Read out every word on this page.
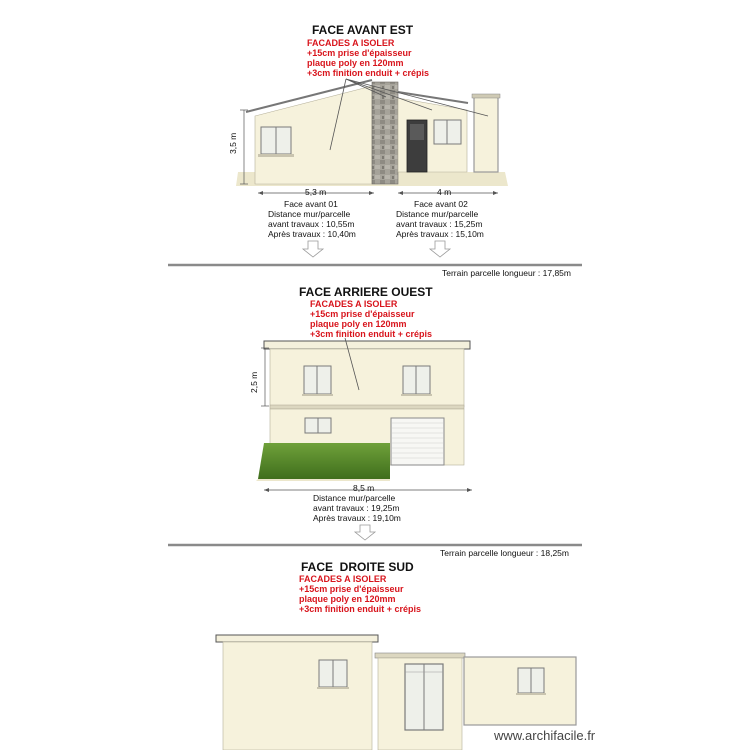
FACE AVANT EST
FACADES A ISOLER
+15cm prise d'épaisseur
plaque poly en 120mm
+3cm finition enduit + crépis
3,5 m
5,3 m	4 m
Face avant 01
Distance mur/parcelle
avant travaux : 10,55m
Après travaux : 10,40m
Face avant 02
Distance mur/parcelle
avant travaux : 15,25m
Après travaux : 15,10m
Terrain parcelle longueur : 17,85m
FACE ARRIERE OUEST
FACADES A ISOLER
+15cm prise d'épaisseur
plaque poly en 120mm
+3cm finition enduit + crépis
2,5 m
8,5 m
Distance mur/parcelle
avant travaux : 19,25m
Après travaux : 19,10m
Terrain parcelle longueur : 18,25m
FACE  DROITE SUD
FACADES A ISOLER
+15cm prise d'épaisseur
plaque poly en 120mm
+3cm finition enduit + crépis
www.archifacile.fr
